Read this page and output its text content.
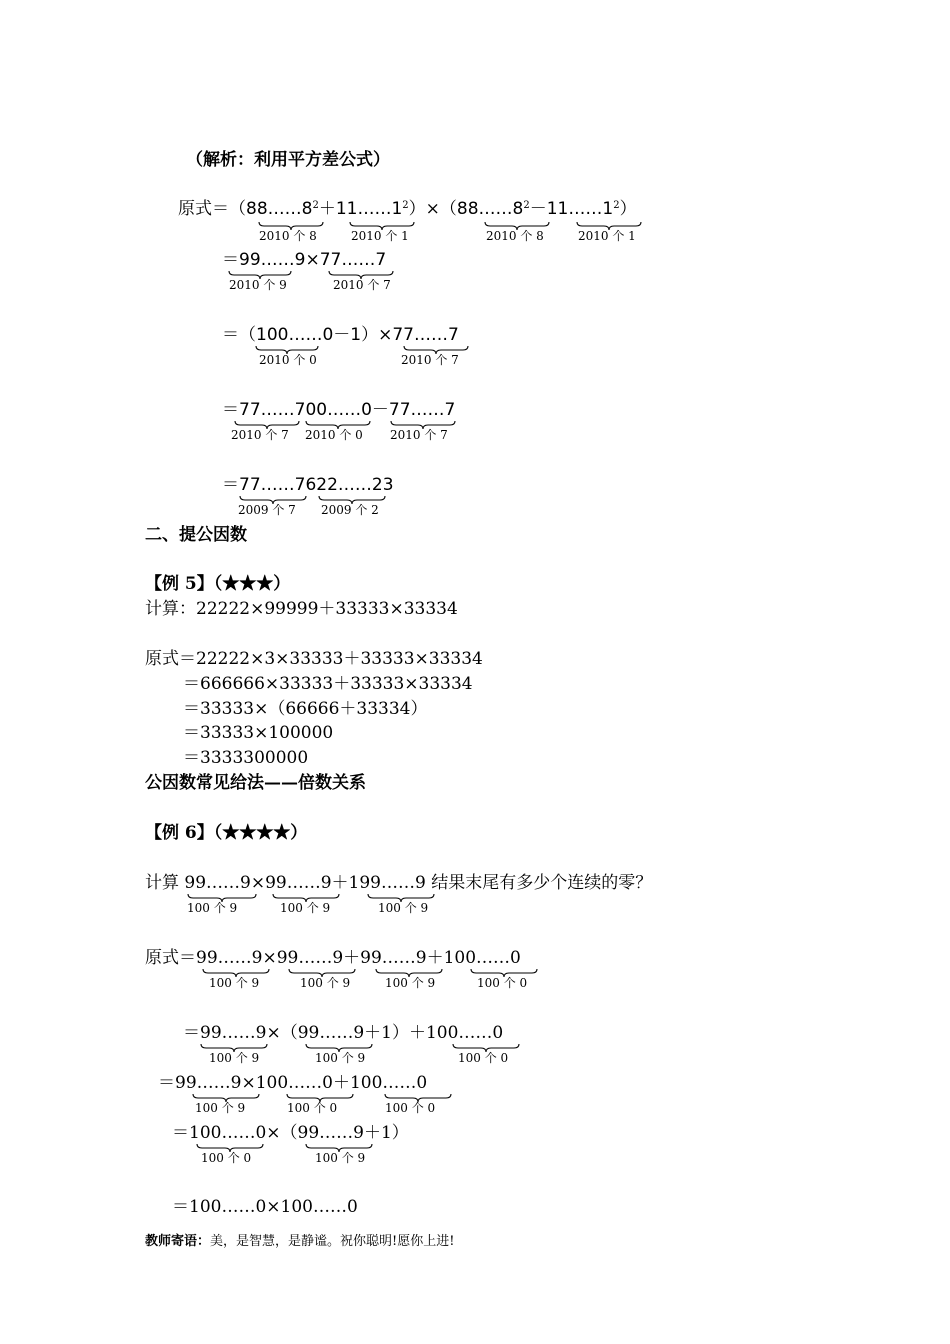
（解析：利用平方差公式）
原式$=(88\dots\dots 8^2+11\dots\dots 1^2)\times(88\dots\dots 8^2-11\dots\dots 1^2)$
2010 个 8	2010 个 1	2010 个 8	2010 个 1
＝99……9×77……7
2010 个 9	2010 个 7
＝（100……0－1）×77……7
2010 个 0	2010 个 7
＝77……700……0－77……7
2010 个 7 2010 个 0 2010 个 7
＝77……7622……23
2009 个 7 2009 个 2
二、提公因数
【例 5】（★★★）
计算：22222×99999＋33333×33334
原式＝22222×3×33333＋33333×33334
＝666666×33333＋33333×33334
＝33333×（66666＋33334）
＝33333×100000
＝3333300000
公因数常见给法——倍数关系
【例 6】（★★★★）
计算 99……9×99……9＋199……9 结果末尾有多少个连续的零？
100 个 9	100 个 9	100 个 9
原式＝99……9×99……9＋99……9＋100……0
100 个 9	100 个 9	100 个 9	100 个 0
＝99……9×（99……9＋1）＋100……0
100 个 9	100 个 9	100 个 0
＝99……9×100……0＋100……0
100 个 9	100 个 0	100 个 0
＝100……0×（99……9＋1）
100 个 0	100 个 9
＝100……0×100……0
教师寄语：美，是智慧，是静谧。祝你聪明!愿你上进!
